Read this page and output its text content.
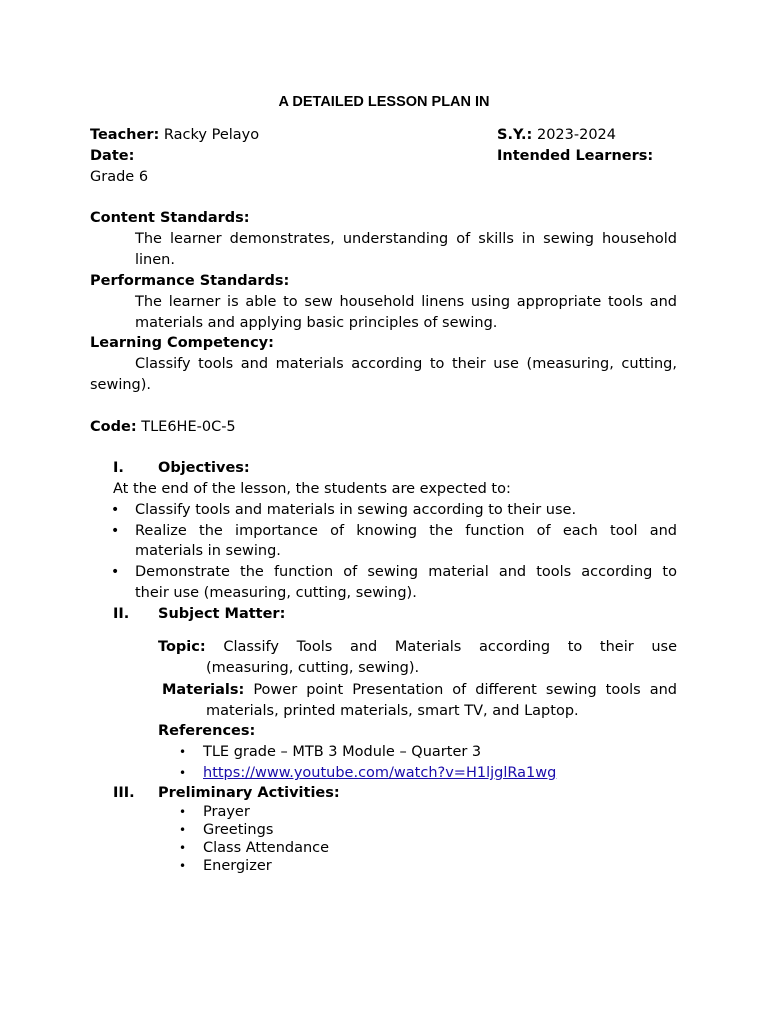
A DETAILED LESSON PLAN IN
Teacher: Racky Pelayo	S.Y.: 2023-2024
Date:	Intended Learners:
Grade 6
Content Standards:
The learner demonstrates, understanding of skills in sewing household
linen.
Performance Standards:
The learner is able to sew household linens using appropriate tools and
materials and applying basic principles of sewing.
Learning Competency:
Classify tools and materials according to their use (measuring, cutting,
sewing).
Code: TLE6HE-0C-5
I. Objectives:
At the end of the lesson, the students are expected to:
• Classify tools and materials in sewing according to their use.
• Realize the importance of knowing the function of each tool and
materials in sewing.
• Demonstrate the function of sewing material and tools according to
their use (measuring, cutting, sewing).
II. Subject Matter:
Topic: Classify Tools and Materials according to their use
(measuring, cutting, sewing).
Materials: Power point Presentation of different sewing tools and
materials, printed materials, smart TV, and Laptop.
References:
• TLE grade – MTB 3 Module – Quarter 3
• https://www.youtube.com/watch?v=H1ljglRa1wg
III. Preliminary Activities:
• Prayer
• Greetings
• Class Attendance
• Energizer
